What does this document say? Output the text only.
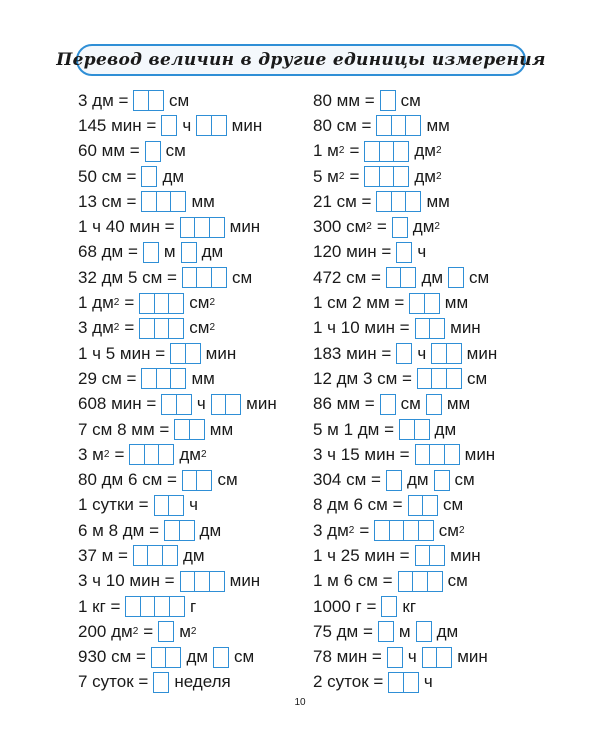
Перевод величин в другие единицы измерения
3 дм = см
145 мин = ч мин
60 мм = см
50 см = дм
13 см =	мм
1 ч 40 мин =	мин
68 дм = м дм
32 дм 5 см =	см
1 дм 2 =	см 2
3 дм 2 =	см 2
1 ч 5 мин = мин
29 см =	мм
608 мин = ч мин
7 см 8 мм = мм
3 м 2 =	дм 2
80 дм 6 см = см
1 сутки = ч
6 м 8 дм = дм
37 м =	дм
3 ч 10 мин =	мин
1 кг =	г
200 дм 2 = м 2
930 см = дм см
7 суток = неделя
80 мм = см
80 см =	мм
1 м 2 =	дм 2
5 м 2 =	дм 2
21 см =	мм
300 см 2 = дм 2
120 мин = ч
472 см = дм см
1 см 2 мм = мм
1 ч 10 мин = мин
183 мин = ч мин
12 дм 3 см =	см
86 мм = см мм
5 м 1 дм = дм
3 ч 15 мин =	мин
304 см = дм см
8 дм 6 см = см
3 дм 2 =	см 2
1 ч 25 мин = мин
1 м 6 см =	см
1000 г = кг
75 дм = м дм
78 мин = ч мин
2 суток = ч
10
